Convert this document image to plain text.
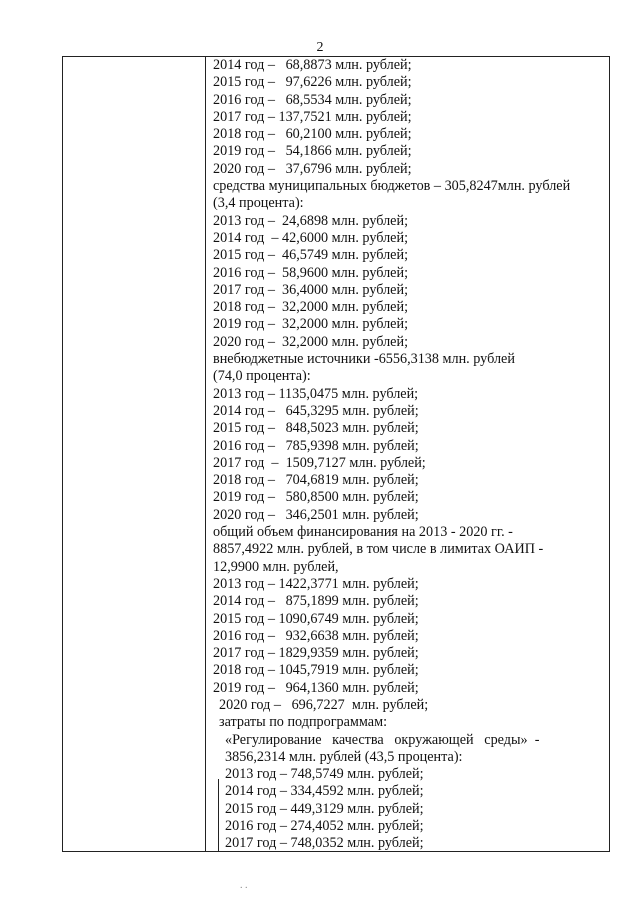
2
2014 год –   68,8873 млн. рублей;
2015 год –   97,6226 млн. рублей;
2016 год –   68,5534 млн. рублей;
2017 год – 137,7521 млн. рублей;
2018 год –   60,2100 млн. рублей;
2019 год –   54,1866 млн. рублей;
2020 год –   37,6796 млн. рублей;
средства муниципальных бюджетов – 305,8247млн. рублей
(3,4 процента):
2013 год –  24,6898 млн. рублей;
2014 год  – 42,6000 млн. рублей;
2015 год –  46,5749 млн. рублей;
2016 год –  58,9600 млн. рублей;
2017 год –  36,4000 млн. рублей;
2018 год –  32,2000 млн. рублей;
2019 год –  32,2000 млн. рублей;
2020 год –  32,2000 млн. рублей;
внебюджетные источники -6556,3138 млн. рублей
(74,0 процента):
2013 год – 1135,0475 млн. рублей;
2014 год –   645,3295 млн. рублей;
2015 год –   848,5023 млн. рублей;
2016 год –   785,9398 млн. рублей;
2017 год  –  1509,7127 млн. рублей;
2018 год –   704,6819 млн. рублей;
2019 год –   580,8500 млн. рублей;
2020 год –   346,2501 млн. рублей;
общий объем финансирования на 2013 - 2020 гг. -
8857,4922 млн. рублей, в том числе в лимитах ОАИП -
12,9900 млн. рублей,
2013 год – 1422,3771 млн. рублей;
2014 год –   875,1899 млн. рублей;
2015 год – 1090,6749 млн. рублей;
2016 год –   932,6638 млн. рублей;
2017 год – 1829,9359 млн. рублей;
2018 год – 1045,7919 млн. рублей;
2019 год –   964,1360 млн. рублей;
2020 год –   696,7227  млн. рублей;
затраты по подпрограммам:
«Регулирование   качества   окружающей   среды»  -
3856,2314 млн. рублей (43,5 процента):
2013 год – 748,5749 млн. рублей;
2014 год – 334,4592 млн. рублей;
2015 год – 449,3129 млн. рублей;
2016 год – 274,4052 млн. рублей;
2017 год – 748,0352 млн. рублей;
. .
